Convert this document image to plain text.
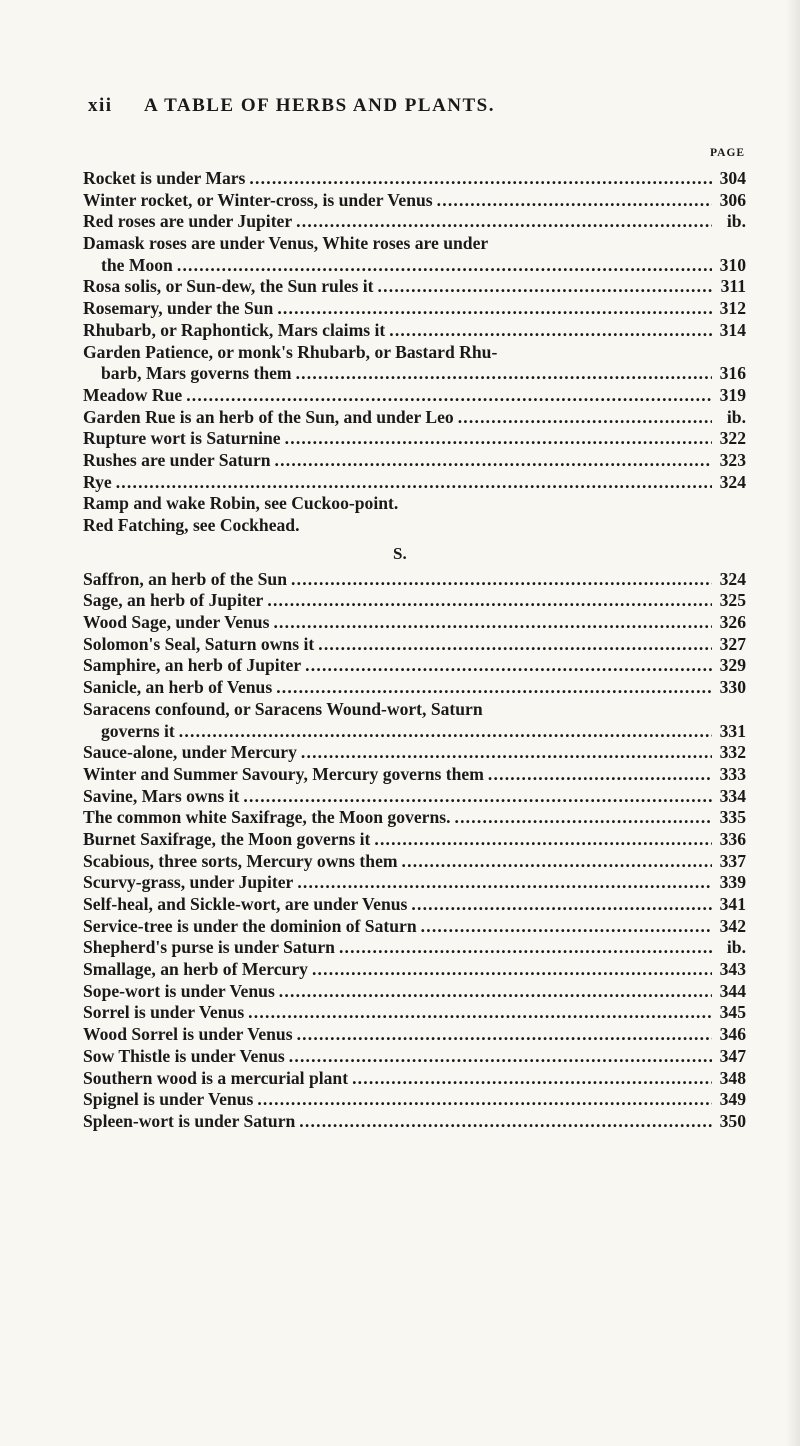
xii A TABLE OF HERBS AND PLANTS.
PAGE
Rocket is under Mars .....	304
Winter rocket, or Winter-cross, is under Venus .....	306
Red roses are under Jupiter .....	ib.
Damask roses are under Venus, White roses are under
the Moon .....	310
Rosa solis, or Sun-dew, the Sun rules it .....	311
Rosemary, under the Sun .....	312
Rhubarb, or Raphontick, Mars claims it .....	314
Garden Patience, or monk's Rhubarb, or Bastard Rhu-
barb, Mars governs them .....	316
Meadow Rue .....	319
Garden Rue is an herb of the Sun, and under Leo .....	ib.
Rupture wort is Saturnine .....	322
Rushes are under Saturn .....	323
Rye .....	324
Ramp and wake Robin, see Cuckoo-point.
Red Fatching, see Cockhead.
S.
Saffron, an herb of the Sun .....	324
Sage, an herb of Jupiter .....	325
Wood Sage, under Venus .....	326
Solomon's Seal, Saturn owns it .....	327
Samphire, an herb of Jupiter .....	329
Sanicle, an herb of Venus .....	330
Saracens confound, or Saracens Wound-wort, Saturn
governs it .....	331
Sauce-alone, under Mercury .....	332
Winter and Summer Savoury, Mercury governs them .....	333
Savine, Mars owns it .....	334
The common white Saxifrage, the Moon governs. .....	335
Burnet Saxifrage, the Moon governs it .....	336
Scabious, three sorts, Mercury owns them .....	337
Scurvy-grass, under Jupiter .....	339
Self-heal, and Sickle-wort, are under Venus .....	341
Service-tree is under the dominion of Saturn .....	342
Shepherd's purse is under Saturn .....	ib.
Smallage, an herb of Mercury .....	343
Sope-wort is under Venus .....	344
Sorrel is under Venus .....	345
Wood Sorrel is under Venus .....	346
Sow Thistle is under Venus .....	347
Southern wood is a mercurial plant .....	348
Spignel is under Venus .....	349
Spleen-wort is under Saturn .....	350
